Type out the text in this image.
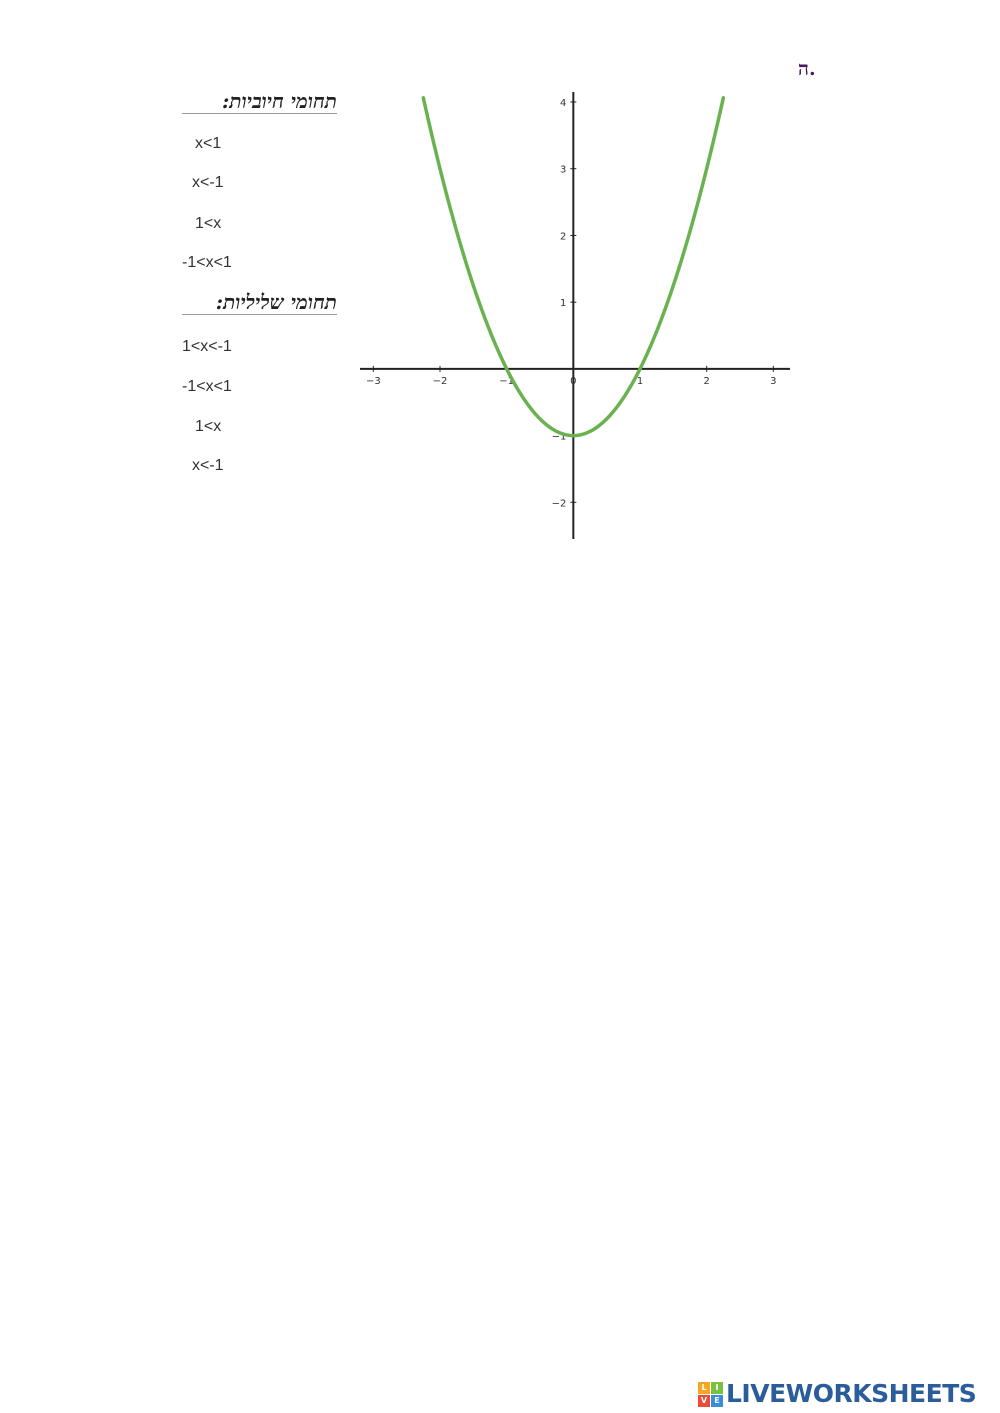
ה.
תחומי חיוביות:
x<1
x<-1
1<x
-1<x<1
תחומי שליליות:
1<x<-1
-1<x<1
1<x
x<-1
−3	−2	−1	0	1	2	3
−2
−1
1
2
3
4
L	I
V E LIVEWORKSHEETS
